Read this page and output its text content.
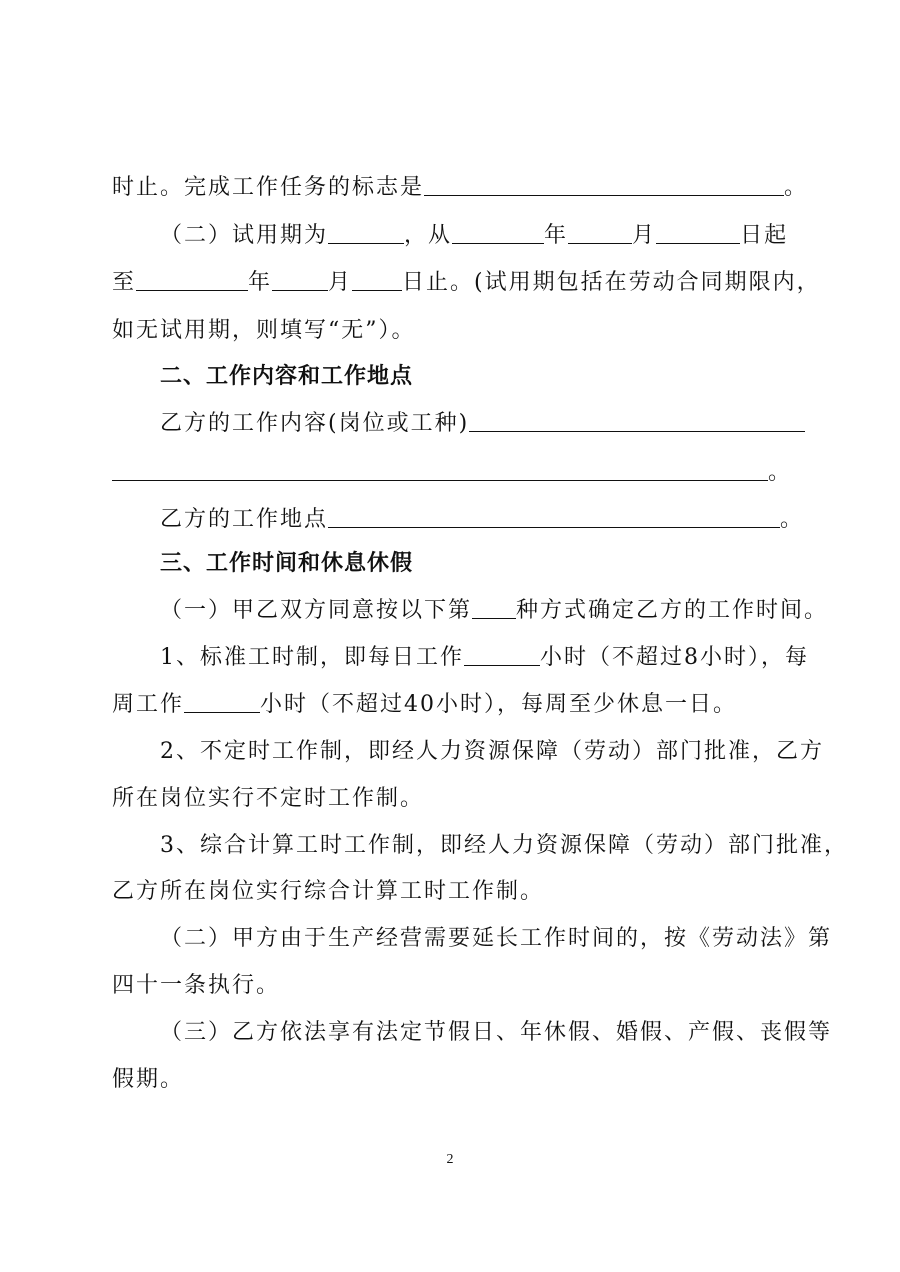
时止。完成工作任务的标志是	。
（二）试用期为	，从	年	月	日起
至	年	月 日止。(试用期包括在劳动合同期限内，
如无试用期，则填写“无”）。
二、工作内容和工作地点
乙方的工作内容(岗位或工种)
。
乙方的工作地点	。
三、工作时间和休息休假
（一）甲乙双方同意按以下第 种方式确定乙方的工作时间。
1、标准工时制，即每日工作	小时（不超过8小时），每
周工作	小时（不超过40小时），每周至少休息一日。
2、不定时工作制，即经人力资源保障（劳动）部门批准，乙方
所在岗位实行不定时工作制。
3、综合计算工时工作制，即经人力资源保障（劳动）部门批准，
乙方所在岗位实行综合计算工时工作制。
（二）甲方由于生产经营需要延长工作时间的，按《劳动法》第
四十一条执行。
（三）乙方依法享有法定节假日、年休假、婚假、产假、丧假等
假期。
2
